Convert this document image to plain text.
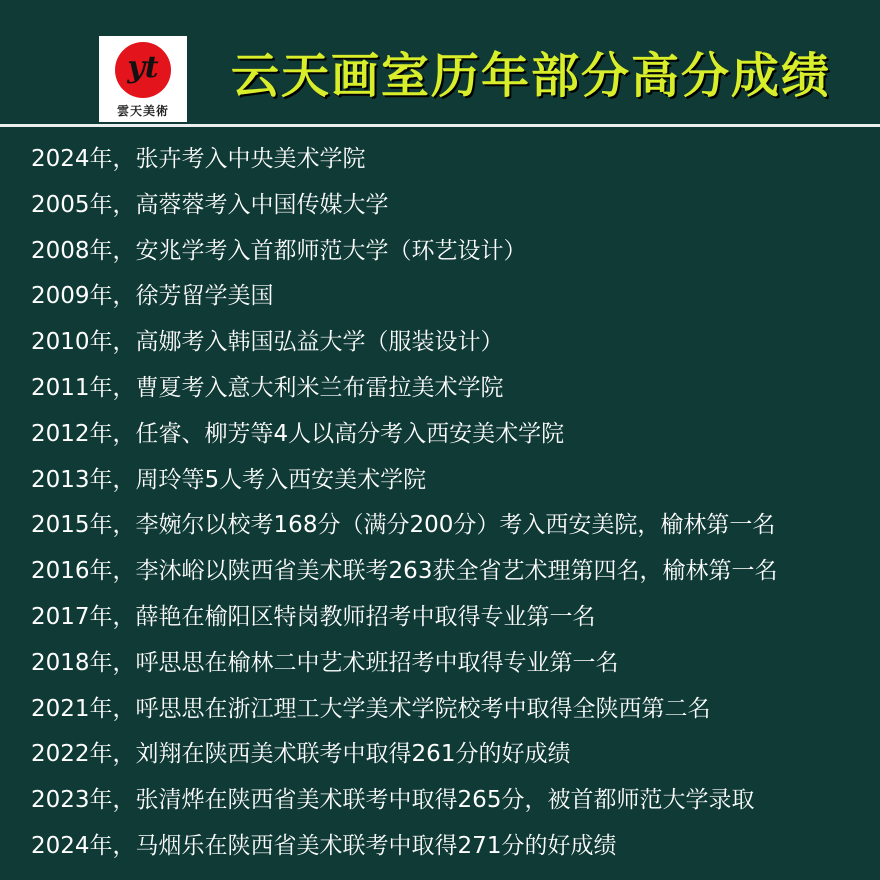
yt
雲天美術
云天画室历年部分高分成绩
2024年，张卉考入中央美术学院
2005年，高蓉蓉考入中国传媒大学
2008年，安兆学考入首都师范大学（环艺设计）
2009年，徐芳留学美国
2010年，高娜考入韩国弘益大学（服装设计）
2011年，曹夏考入意大利米兰布雷拉美术学院
2012年，任睿、柳芳等4人以高分考入西安美术学院
2013年，周玲等5人考入西安美术学院
2015年，李婉尔以校考168分（满分200分）考入西安美院，榆林第一名
2016年，李沐峪以陕西省美术联考263获全省艺术理第四名，榆林第一名
2017年，薛艳在榆阳区特岗教师招考中取得专业第一名
2018年，呼思思在榆林二中艺术班招考中取得专业第一名
2021年，呼思思在浙江理工大学美术学院校考中取得全陕西第二名
2022年，刘翔在陕西美术联考中取得261分的好成绩
2023年，张清烨在陕西省美术联考中取得265分，被首都师范大学录取
2024年，马烟乐在陕西省美术联考中取得271分的好成绩
